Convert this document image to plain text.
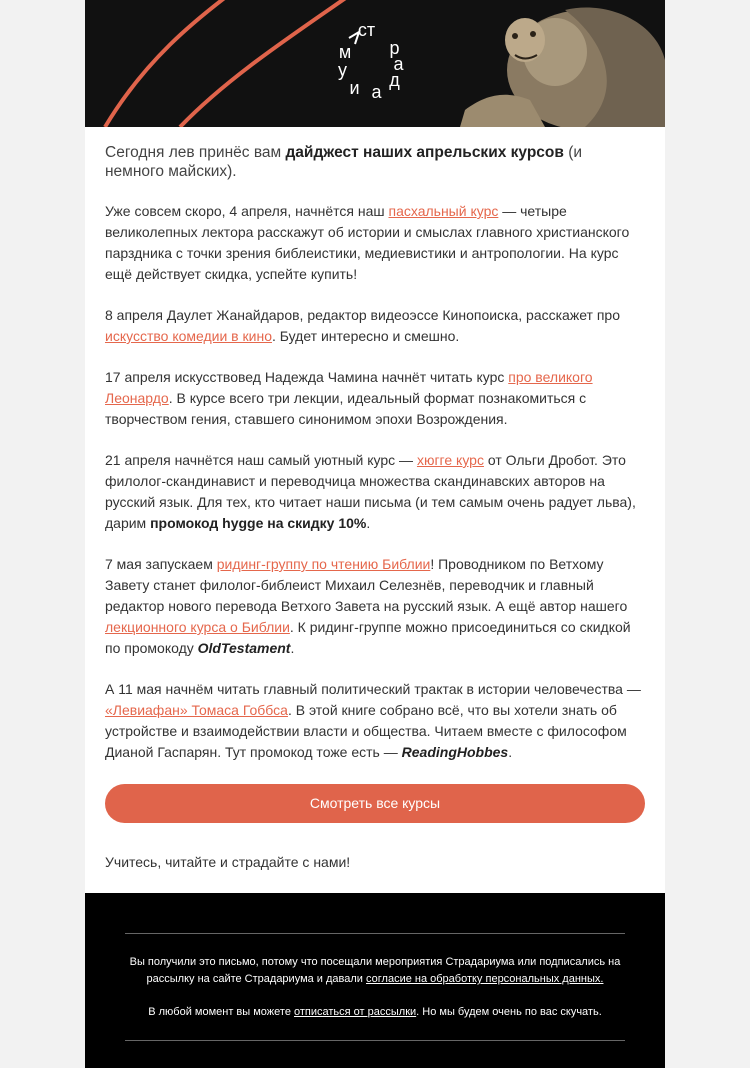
ст р а д а и у м

Сегодня лев принёс вам дайджест наших апрельских курсов (и немного майских).

Уже совсем скоро, 4 апреля, начнётся наш пасхальный курс — четыре великолепных лектора расскажут об истории и смыслах главного христианского парздника с точки зрения библеистики, медиевистики и антропологии. На курс ещё действует скидка, успейте купить!

8 апреля Даулет Жанайдаров, редактор видеоэссе Кинопоиска, расскажет про искусство комедии в кино. Будет интересно и смешно.

17 апреля искусствовед Надежда Чамина начнёт читать курс про великого Леонардо. В курсе всего три лекции, идеальный формат познакомиться с творчеством гения, ставшего синонимом эпохи Возрождения.

21 апреля начнётся наш самый уютный курс — хюгге курс от Ольги Дробот. Это филолог-скандинавист и переводчица множества скандинавских авторов на русский язык. Для тех, кто читает наши письма (и тем самым очень радует льва), дарим промокод hygge на скидку 10%.

7 мая запускаем ридинг-группу по чтению Библии! Проводником по Ветхому Завету станет филолог-библеист Михаил Селезнёв, переводчик и главный редактор нового перевода Ветхого Завета на русский язык. А ещё автор нашего лекционного курса о Библии. К ридинг-группе можно присоединиться со скидкой по промокоду OldTestament.

А 11 мая начнём читать главный политический трактак в истории человечества — «Левиафан» Томаса Гоббса. В этой книге собрано всё, что вы хотели знать об устройстве и взаимодействии власти и общества. Читаем вместе с философом Дианой Гаспарян. Тут промокод тоже есть — ReadingHobbes.

Смотреть все курсы

Учитесь, читайте и страдайте с нами!

Вы получили это письмо, потому что посещали мероприятия Страдариума или подписались на рассылку на сайте Страдариума и давали согласие на обработку персональных данных.

В любой момент вы можете отписаться от рассылки. Но мы будем очень по вас скучать.
